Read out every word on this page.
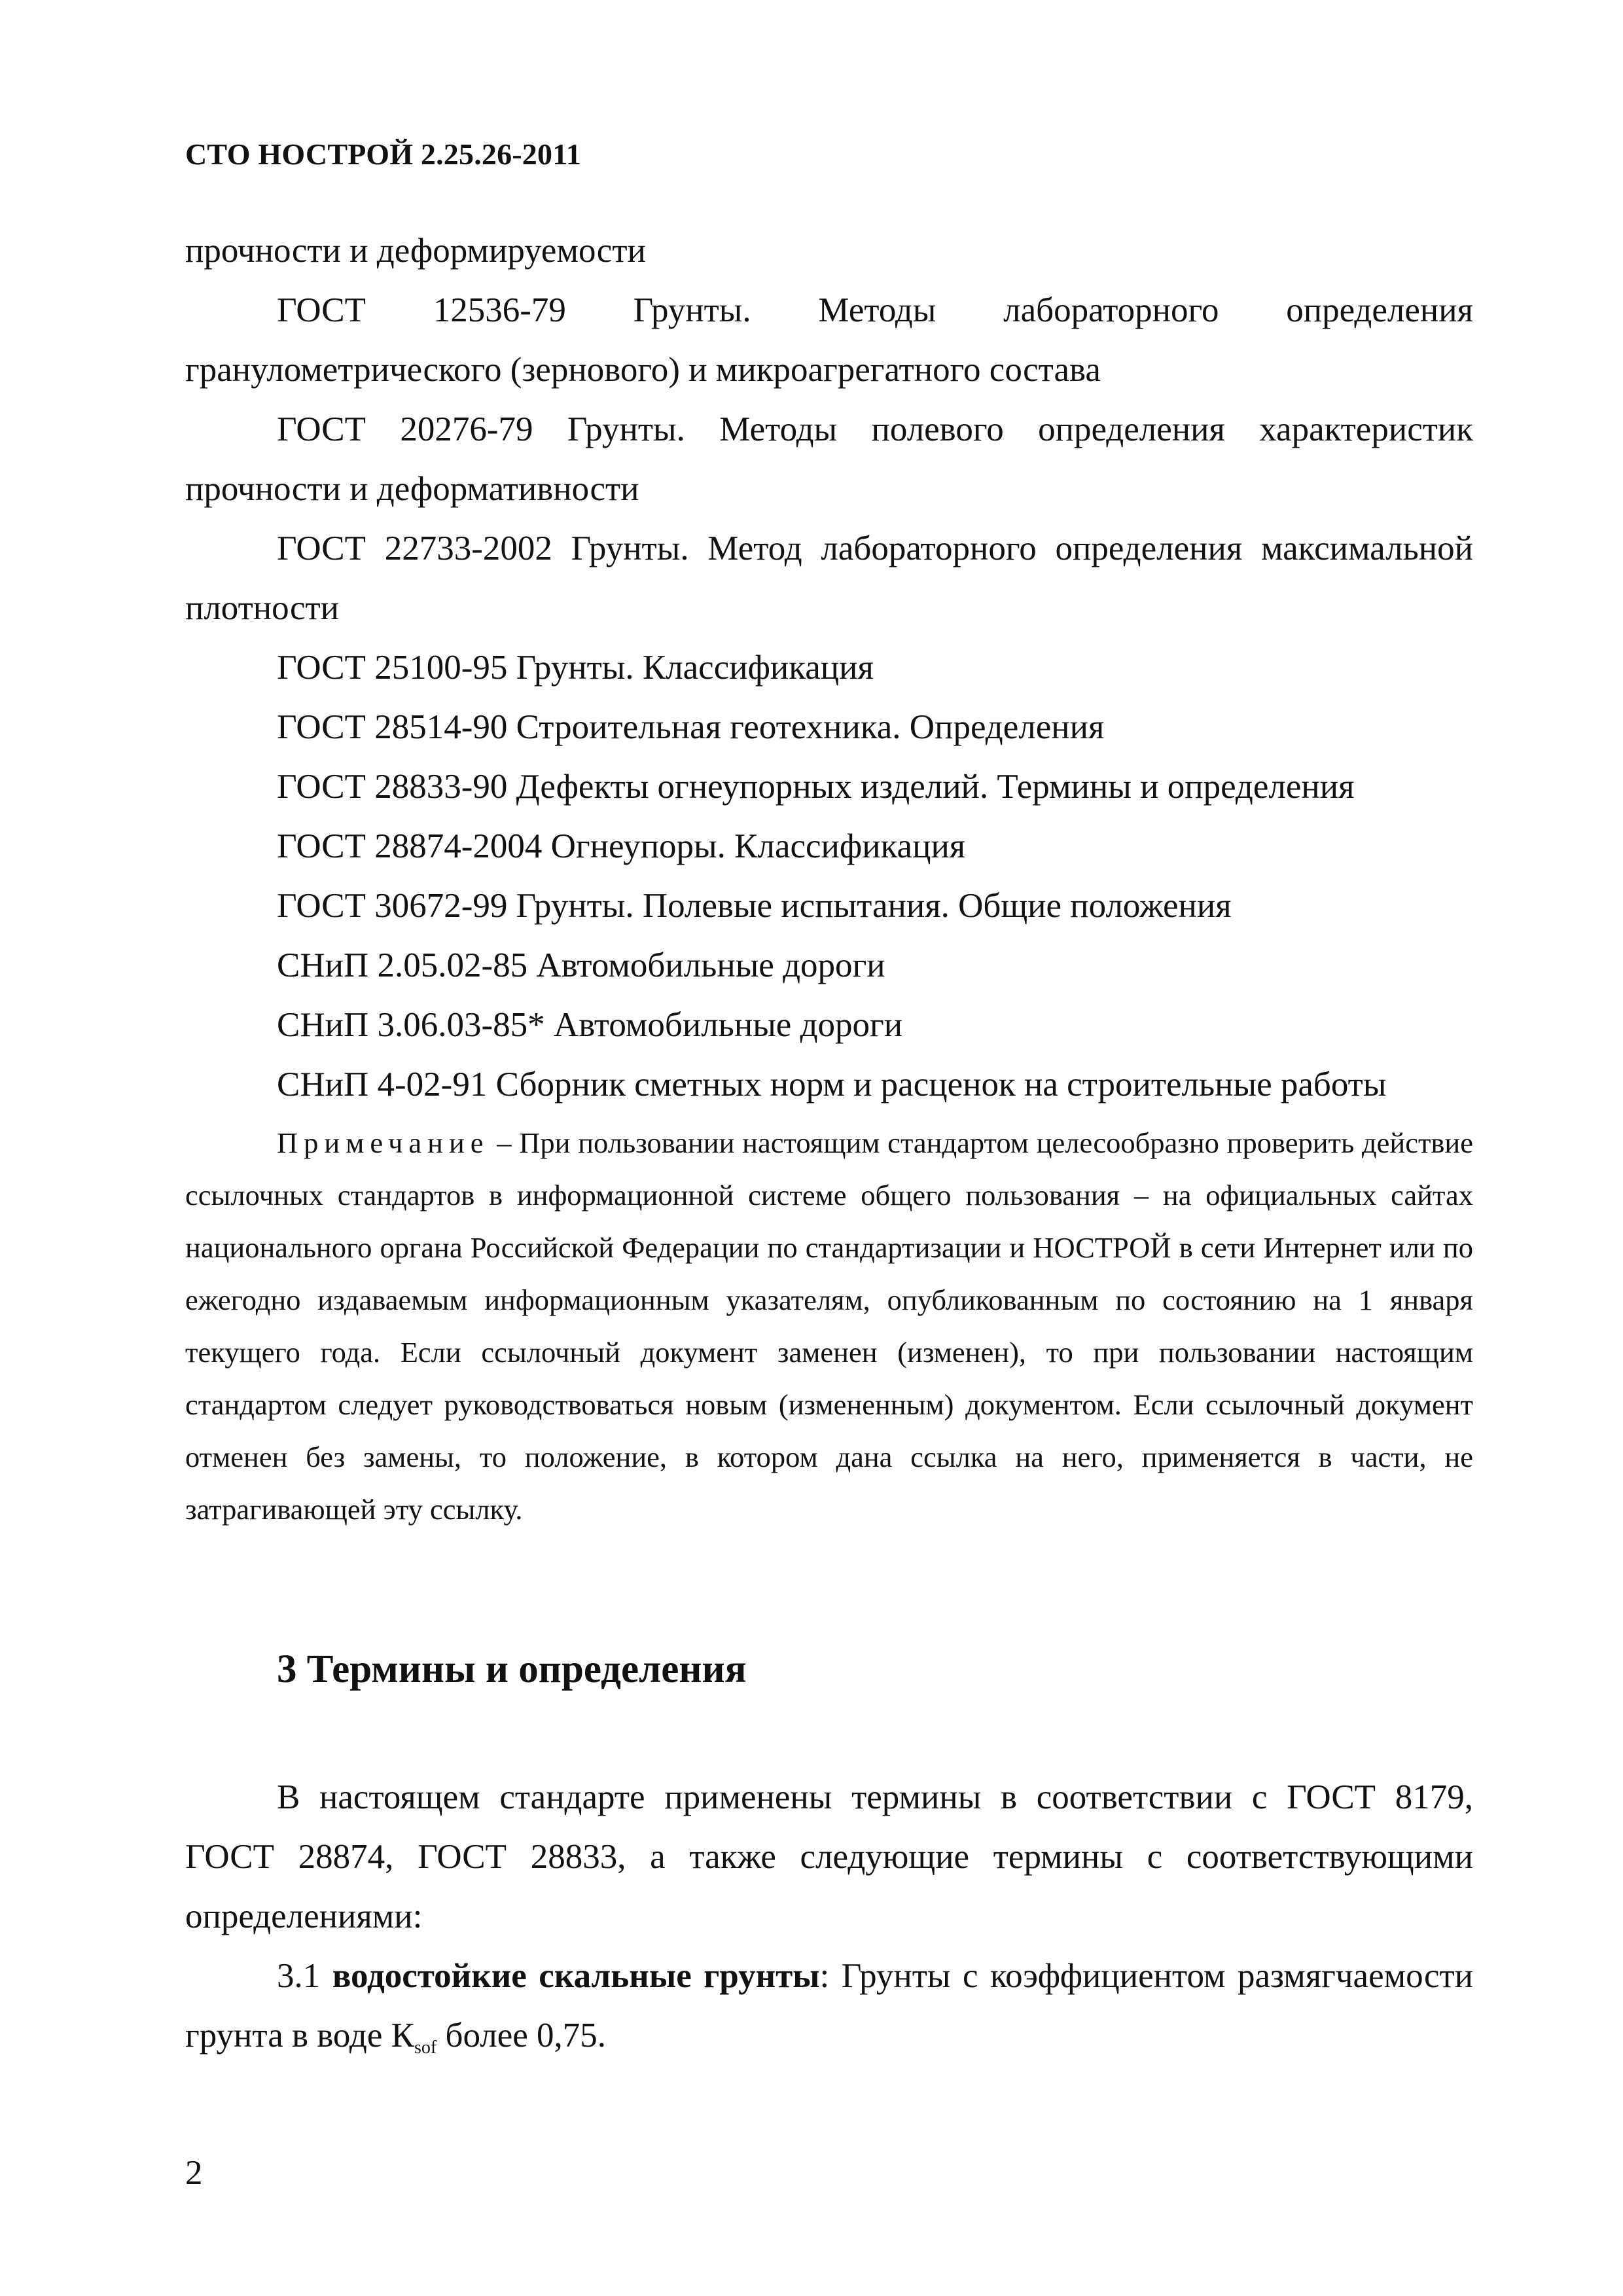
СТО НОСТРОЙ 2.25.26-2011

прочности и деформируемости

ГОСТ 12536-79 Грунты. Методы лабораторного определения гранулометрического (зернового) и микроагрегатного состава

ГОСТ 20276-79 Грунты. Методы полевого определения характеристик прочности и деформативности

ГОСТ 22733-2002 Грунты. Метод лабораторного определения максимальной плотности

ГОСТ 25100-95 Грунты. Классификация

ГОСТ 28514-90 Строительная геотехника. Определения

ГОСТ 28833-90 Дефекты огнеупорных изделий. Термины и определения

ГОСТ 28874-2004 Огнеупоры. Классификация

ГОСТ 30672-99 Грунты. Полевые испытания. Общие положения

СНиП 2.05.02-85 Автомобильные дороги

СНиП 3.06.03-85* Автомобильные дороги

СНиП 4-02-91 Сборник сметных норм и расценок на строительные работы

Примечание – При пользовании настоящим стандартом целесообразно проверить действие ссылочных стандартов в информационной системе общего пользования – на официальных сайтах национального органа Российской Федерации по стандартизации и НОСТРОЙ в сети Интернет или по ежегодно издаваемым информационным указателям, опубликованным по состоянию на 1 января текущего года. Если ссылочный документ заменен (изменен), то при пользовании настоящим стандартом следует руководствоваться новым (измененным) документом. Если ссылочный документ отменен без замены, то положение, в котором дана ссылка на него, применяется в части, не затрагивающей эту ссылку.

3 Термины и определения

В настоящем стандарте применены термины в соответствии с ГОСТ 8179, ГОСТ 28874, ГОСТ 28833, а также следующие термины с соответствующими определениями:

3.1 водостойкие скальные грунты: Грунты с коэффициентом размягчаемости грунта в воде $К_{sof}$ более 0,75.

2
